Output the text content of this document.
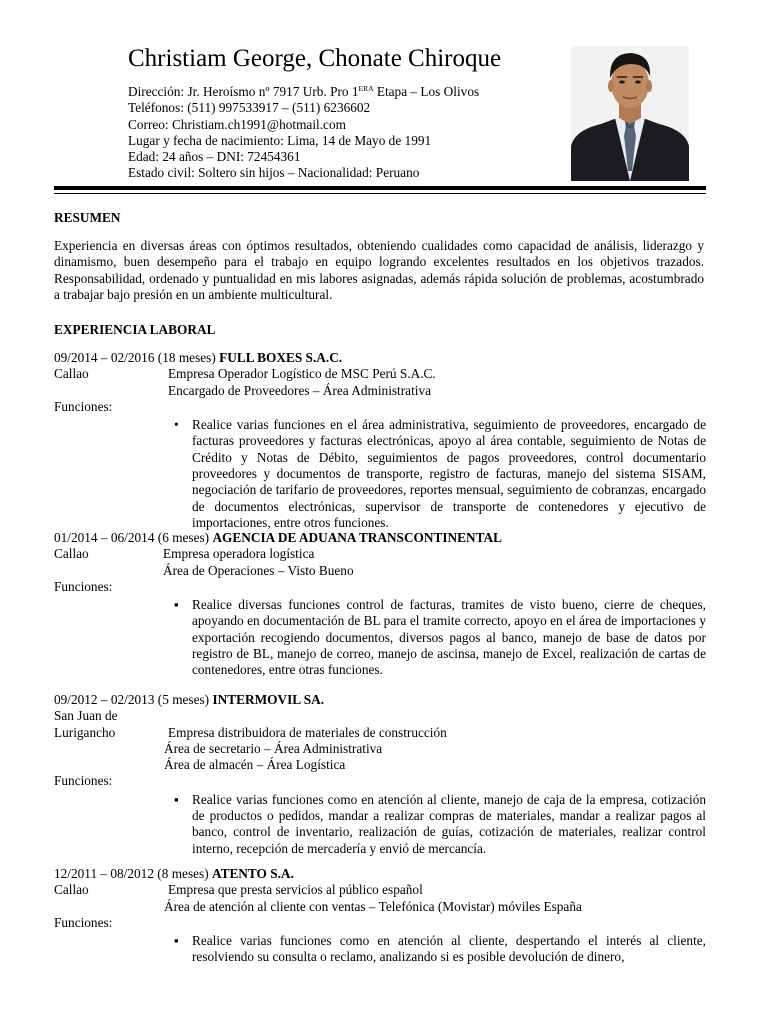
Christiam George, Chonate Chiroque
Dirección: Jr. Heroísmo nº 7917 Urb. Pro $1^{ERA}$ Etapa – Los Olivos
Teléfonos: (511) 997533917 – (511) 6236602
Correo: Christiam.ch1991@hotmail.com
Lugar y fecha de nacimiento: Lima, 14 de Mayo de 1991
Edad: 24 años – DNI: 72454361
Estado civil: Soltero sin hijos – Nacionalidad: Peruano
RESUMEN
Experiencia en diversas áreas con óptimos resultados, obteniendo cualidades como capacidad de análisis, liderazgo y dinamismo, buen desempeño para el trabajo en equipo logrando excelentes resultados en los objetivos trazados. Responsabilidad, ordenado y puntualidad en mis labores asignadas, además rápida solución de problemas, acostumbrado a trabajar bajo presión en un ambiente multicultural.
EXPERIENCIA LABORAL
09/2014 – 02/2016 (18 meses) FULL BOXES S.A.C.
Callao	Empresa Operador Logístico de MSC Perú S.A.C.
Encargado de Proveedores – Área Administrativa
Funciones:
• Realice varias funciones en el área administrativa, seguimiento de proveedores, encargado de facturas proveedores y facturas electrónicas, apoyo al área contable, seguimiento de Notas de Crédito y Notas de Débito, seguimientos de pagos proveedores, control documentario proveedores y documentos de transporte, registro de facturas, manejo del sistema SISAM, negociación de tarifario de proveedores, reportes mensual, seguimiento de cobranzas, encargado de documentos electrónicas, supervisor de transporte de contenedores y ejecutivo de importaciones, entre otros funciones.
01/2014 – 06/2014 (6 meses) AGENCIA DE ADUANA TRANSCONTINENTAL
Callao	Empresa operadora logística
Área de Operaciones – Visto Bueno
Funciones:
▪ Realice diversas funciones control de facturas, tramites de visto bueno, cierre de cheques, apoyando en documentación de BL para el tramite correcto, apoyo en el área de importaciones y exportación recogiendo documentos, diversos pagos al banco, manejo de base de datos por registro de BL, manejo de correo, manejo de ascinsa, manejo de Excel, realización de cartas de contenedores, entre otras funciones.
09/2012 – 02/2013 (5 meses) INTERMOVIL SA.
San Juan de
Lurigancho	Empresa distribuidora de materiales de construcción
Área de secretario – Área Administrativa
Área de almacén – Área Logística
Funciones:
▪ Realice varias funciones como en atención al cliente, manejo de caja de la empresa, cotización de productos o pedidos, mandar a realizar compras de materiales, mandar a realizar pagos al banco, control de inventario, realización de guías, cotización de materiales, realizar control interno, recepción de mercadería y envió de mercancía.
12/2011 – 08/2012 (8 meses) ATENTO S.A.
Callao	Empresa que presta servicios al público español
Área de atención al cliente con ventas – Telefónica (Movistar) móviles España
Funciones:
▪ Realice varias funciones como en atención al cliente, despertando el interés al cliente, resolviendo su consulta o reclamo, analizando si es posible devolución de dinero,
